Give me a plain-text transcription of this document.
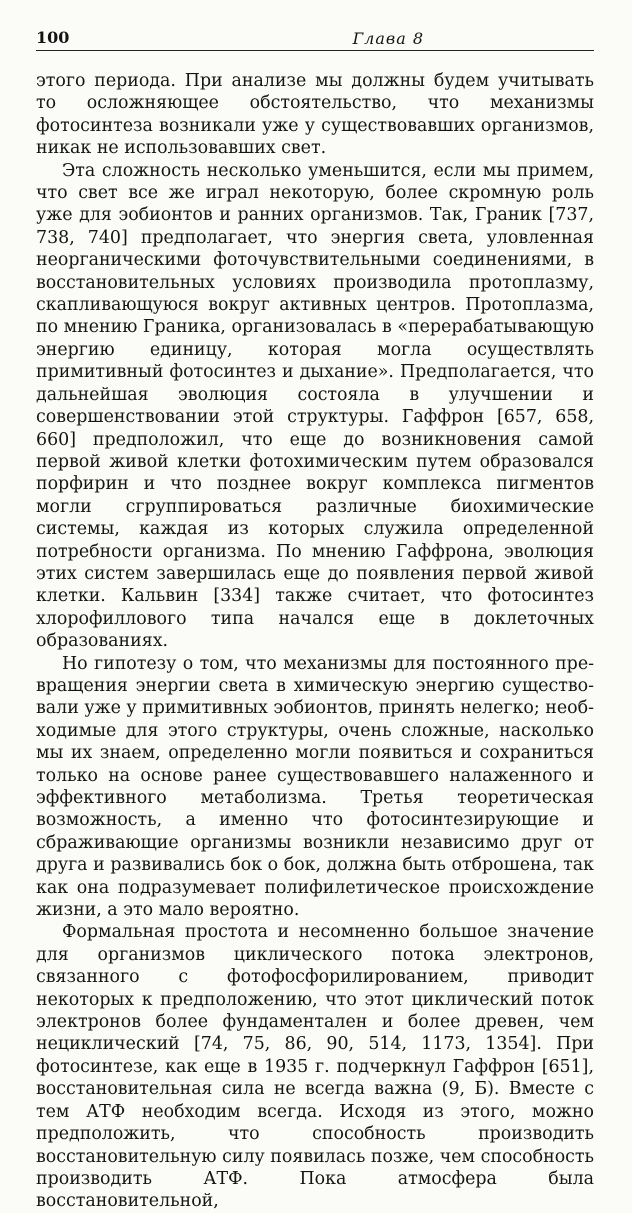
100	Глава 8

этого периода. При анализе мы должны будем учитывать то осложняющее обстоятельство, что механизмы фотосинтеза возникали уже у существовавших организмов, никак не использовавших свет.

Эта сложность несколько уменьшится, если мы примем, что свет все же играл некоторую, более скромную роль уже для эобионтов и ранних организмов. Так, Граник [737, 738, 740] предполагает, что энергия света, уловленная неорганическими фоточувствительными соединениями, в восстановительных условиях производила протоплазму, скапливающуюся вокруг активных центров. Протоплазма, по мнению Граника, организовалась в «перерабатывающую энергию единицу, которая могла осуществлять примитивный фотосинтез и дыхание». Предполагается, что дальнейшая эволюция состояла в улучшении и совершенствовании этой структуры. Гаффрон [657, 658, 660] предположил, что еще до возникновения самой первой живой клетки фотохимическим путем образовался порфирин и что позднее вокруг комплекса пигментов могли сгруппироваться различные биохимические системы, каждая из которых служила определенной потребности организма. По мнению Гаффрона, эволюция этих систем завершилась еще до появления первой живой клетки. Кальвин [334] также считает, что фотосинтез хлорофиллового типа начался еще в доклеточных образованиях.

Но гипотезу о том, что механизмы для постоянного превращения энергии света в химическую энергию существовали уже у примитивных эобионтов, принять нелегко; необходимые для этого структуры, очень сложные, насколько мы их знаем, определенно могли появиться и сохраниться только на основе ранее существовавшего налаженного и эффективного метаболизма. Третья теоретическая возможность, а именно что фотосинтезирующие и сбраживающие организмы возникли независимо друг от друга и развивались бок о бок, должна быть отброшена, так как она подразумевает полифилетическое происхождение жизни, а это мало вероятно.

Формальная простота и несомненно большое значение для организмов циклического потока электронов, связанного с фотофосфорилированием, приводит некоторых к предположению, что этот циклический поток электронов более фундаментален и более древен, чем нециклический [74, 75, 86, 90, 514, 1173, 1354]. При фотосинтезе, как еще в 1935 г. подчеркнул Гаффрон [651], восстановительная сила не всегда важна (9, Б). Вместе с тем АТФ необходим всегда. Исходя из этого, можно предположить, что способность производить восстановительную силу появилась позже, чем способность производить АТФ. Пока атмосфера была восстановительной,
